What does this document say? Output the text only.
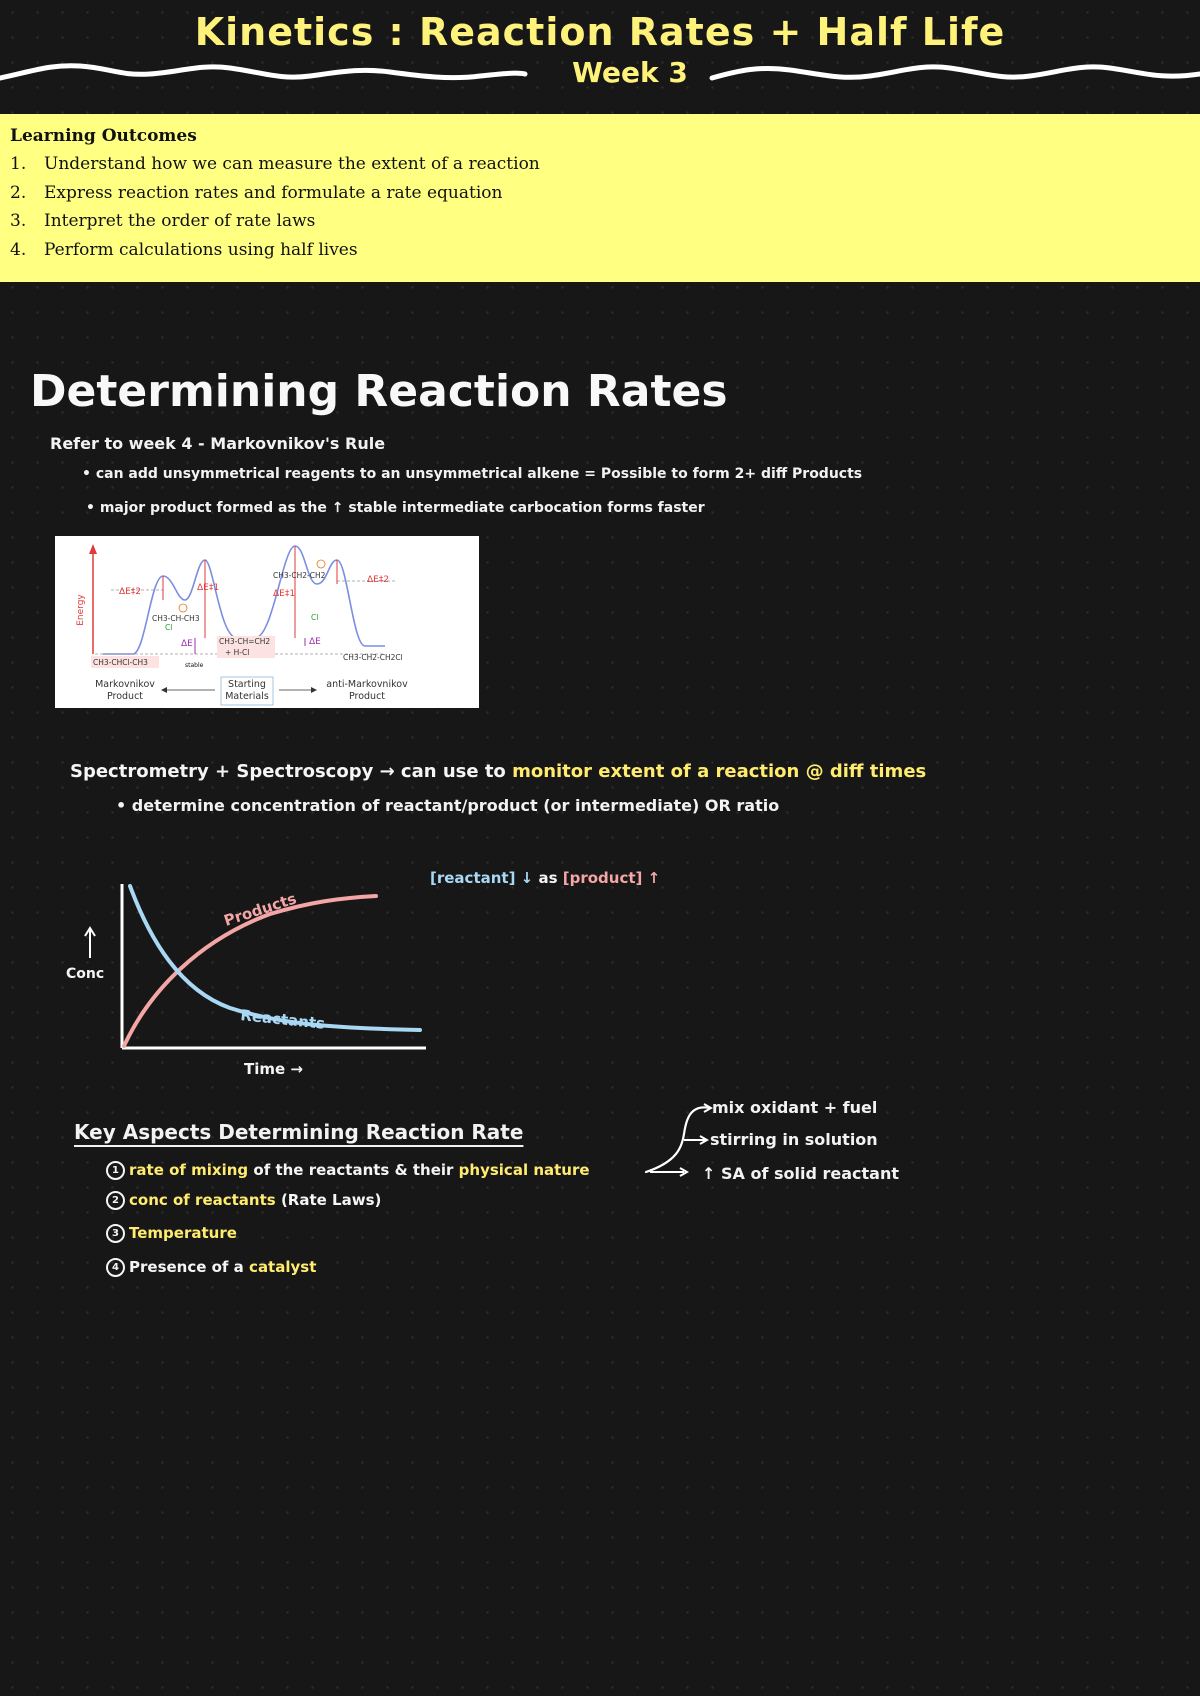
Kinetics : Reaction Rates + Half Life
Week 3
Learning Outcomes
1.	Understand how we can measure the extent of a reaction
2.	Express reaction rates and formulate a rate equation
3.	Interpret the order of rate laws
4.	Perform calculations using half lives
Determining Reaction Rates
Refer to week 4 - Markovnikov's Rule
• can add unsymmetrical reagents to an unsymmetrical alkene = Possible to form 2+ diff Products
• major product formed as the ↑ stable intermediate carbocation forms faster
Energy
ΔE‡2	ΔE‡1
ΔE‡1
ΔE‡2
ΔE	ΔE
CH3-CH-CH3
Cl
CH3-CH2-CH2
Cl
CH3-CH=CH2
+ H-Cl
CH3-CHCl-CH3
CH3-CH2-CH2Cl
stable
Markovnikov
Product
Starting
Materials
anti-Markovnikov
Product
Spectrometry + Spectroscopy → can use to monitor extent of a reaction @ diff times
• determine concentration of reactant/product (or intermediate) OR ratio
Conc
Products
Reactants
Time →
[reactant] ↓ as [product] ↑
Key Aspects Determining Reaction Rate
1 rate of mixing of the reactants & their physical nature
2 conc of reactants (Rate Laws)
3 Temperature
4 Presence of a catalyst
mix oxidant + fuel
stirring in solution
↑ SA of solid reactant
